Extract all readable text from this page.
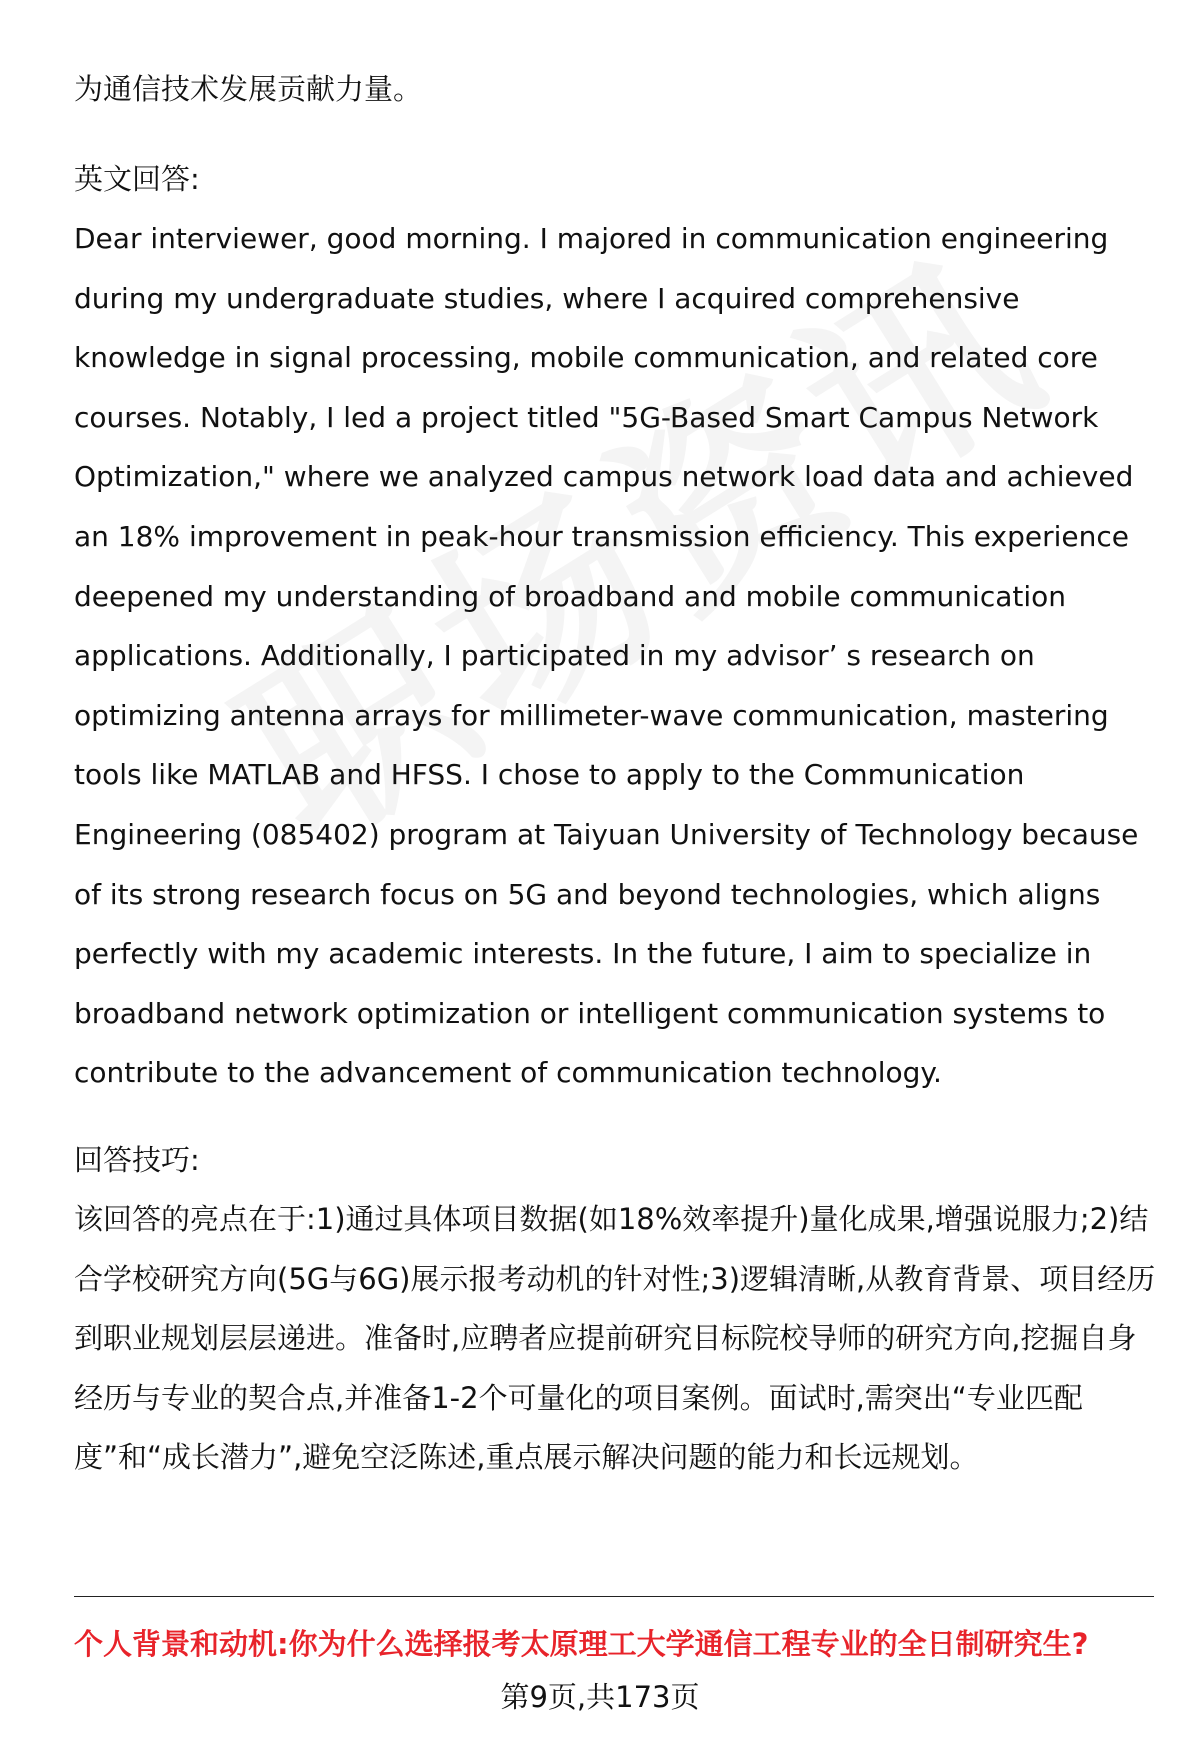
为通信技术发展贡献力量。

英文回答:

Dear interviewer, good morning. I majored in communication engineering during my undergraduate studies, where I acquired comprehensive knowledge in signal processing, mobile communication, and related core courses. Notably, I led a project titled "5G-Based Smart Campus Network Optimization," where we analyzed campus network load data and achieved an 18% improvement in peak-hour transmission efficiency. This experience deepened my understanding of broadband and mobile communication applications. Additionally, I participated in my advisor’ s research on optimizing antenna arrays for millimeter-wave communication, mastering tools like MATLAB and HFSS. I chose to apply to the Communication Engineering (085402) program at Taiyuan University of Technology because of its strong research focus on 5G and beyond technologies, which aligns perfectly with my academic interests. In the future, I aim to specialize in broadband network optimization or intelligent communication systems to contribute to the advancement of communication technology.

回答技巧:

该回答的亮点在于:1)通过具体项目数据(如18%效率提升)量化成果,增强说服力;2)结合学校研究方向(5G与6G)展示报考动机的针对性;3)逻辑清晰,从教育背景、项目经历到职业规划层层递进。准备时,应聘者应提前研究目标院校导师的研究方向,挖掘自身经历与专业的契合点,并准备1-2个可量化的项目案例。面试时,需突出“专业匹配度”和“成长潜力”,避免空泛陈述,重点展示解决问题的能力和长远规划。

个人背景和动机:你为什么选择报考太原理工大学通信工程专业的全日制研究生?
第9页,共173页
